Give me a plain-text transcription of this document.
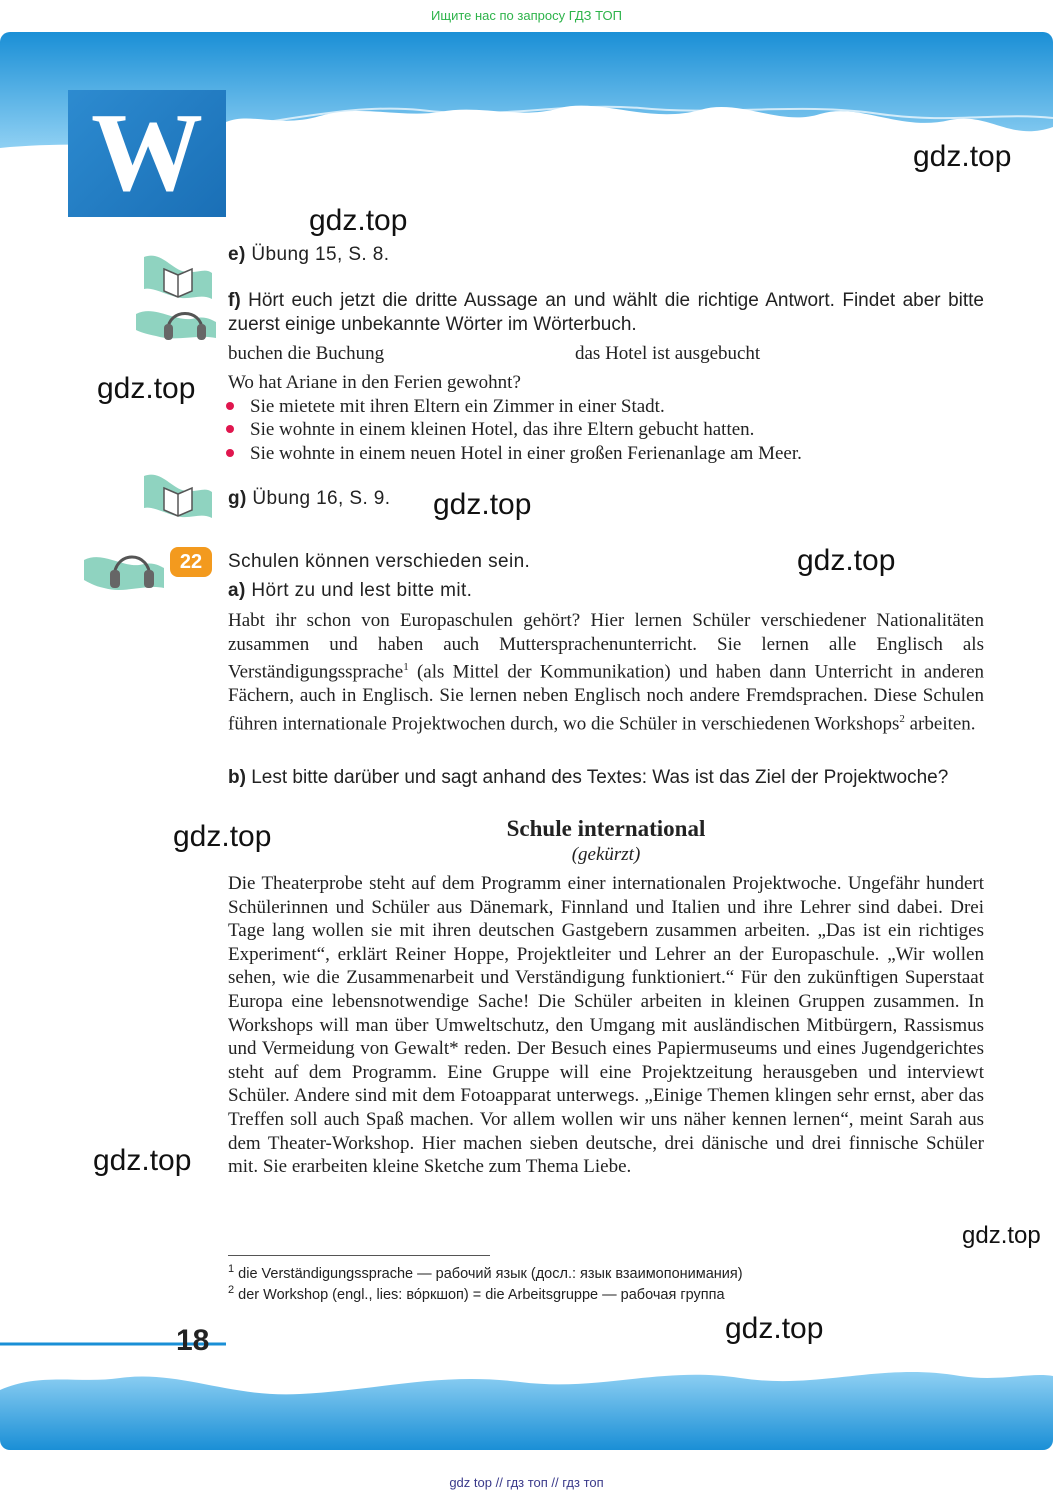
Ищите нас по запросу ГДЗ ТОП
W
22
e) Übung 15, S. 8.
f) Hört euch jetzt die dritte Aussage an und wählt die richtige Antwort. Findet aber bitte zuerst einige unbekannte Wörter im Wörterbuch.
buchen die Buchung	das Hotel ist ausgebucht
Wo hat Ariane in den Ferien gewohnt?
Sie mietete mit ihren Eltern ein Zimmer in einer Stadt.
Sie wohnte in einem kleinen Hotel, das ihre Eltern gebucht hatten.
Sie wohnte in einem neuen Hotel in einer großen Ferienanlage am Meer.
g) Übung 16, S. 9.
Schulen können verschieden sein.
a) Hört zu und lest bitte mit.
Habt ihr schon von Europaschulen gehört? Hier lernen Schüler verschiedener Nationalitäten zusammen und haben auch Muttersprachenunterricht. Sie lernen alle Englisch als Verständigungssprache$^1$ (als Mittel der Kommunikation) und haben dann Unterricht in anderen Fächern, auch in Englisch. Sie lernen neben Englisch noch andere Fremdsprachen. Diese Schulen führen internationale Projektwochen durch, wo die Schüler in verschiedenen Workshops$^2$ arbeiten.
b) Lest bitte darüber und sagt anhand des Textes: Was ist das Ziel der Projektwoche?
Schule international
(gekürzt)
Die Theaterprobe steht auf dem Programm einer internationalen Projektwoche. Ungefähr hundert Schülerinnen und Schüler aus Dänemark, Finnland und Italien und ihre Lehrer sind dabei. Drei Tage lang wollen sie mit ihren deutschen Gastgebern zusammen arbeiten. „Das ist ein richtiges Experiment“, erklärt Reiner Hoppe, Projektleiter und Lehrer an der Europaschule. „Wir wollen sehen, wie die Zusammenarbeit und Verständigung funktioniert.“ Für den zukünftigen Superstaat Europa eine lebensnotwendige Sache! Die Schüler arbeiten in kleinen Gruppen zusammen. In Workshops will man über Umweltschutz, den Umgang mit ausländischen Mitbürgern, Rassismus und Vermeidung von Gewalt* reden. Der Besuch eines Papiermuseums und eines Jugendgerichtes steht auf dem Programm. Eine Gruppe will eine Projektzeitung herausgeben und interviewt Schüler. Andere sind mit dem Fotoapparat unterwegs. „Einige Themen klingen sehr ernst, aber das Treffen soll auch Spaß machen. Vor allem wollen wir uns näher kennen lernen“, meint Sarah aus dem Theater-Workshop. Hier machen sieben deutsche, drei dänische und drei finnische Schüler mit. Sie erarbeiten kleine Sketche zum Thema Liebe.
$^1$ die Verständigungssprache — рабочий язык (досл.: язык взаимопонимания)
$^2$ der Workshop (engl., lies: во́ркшоп) = die Arbeitsgruppe — рабочая группа
18
gdz.top
gdz.top
gdz.top
gdz.top
gdz.top
gdz.top
gdz.top
gdz.top
gdz.top
gdz top // гдз топ // гдз топ
